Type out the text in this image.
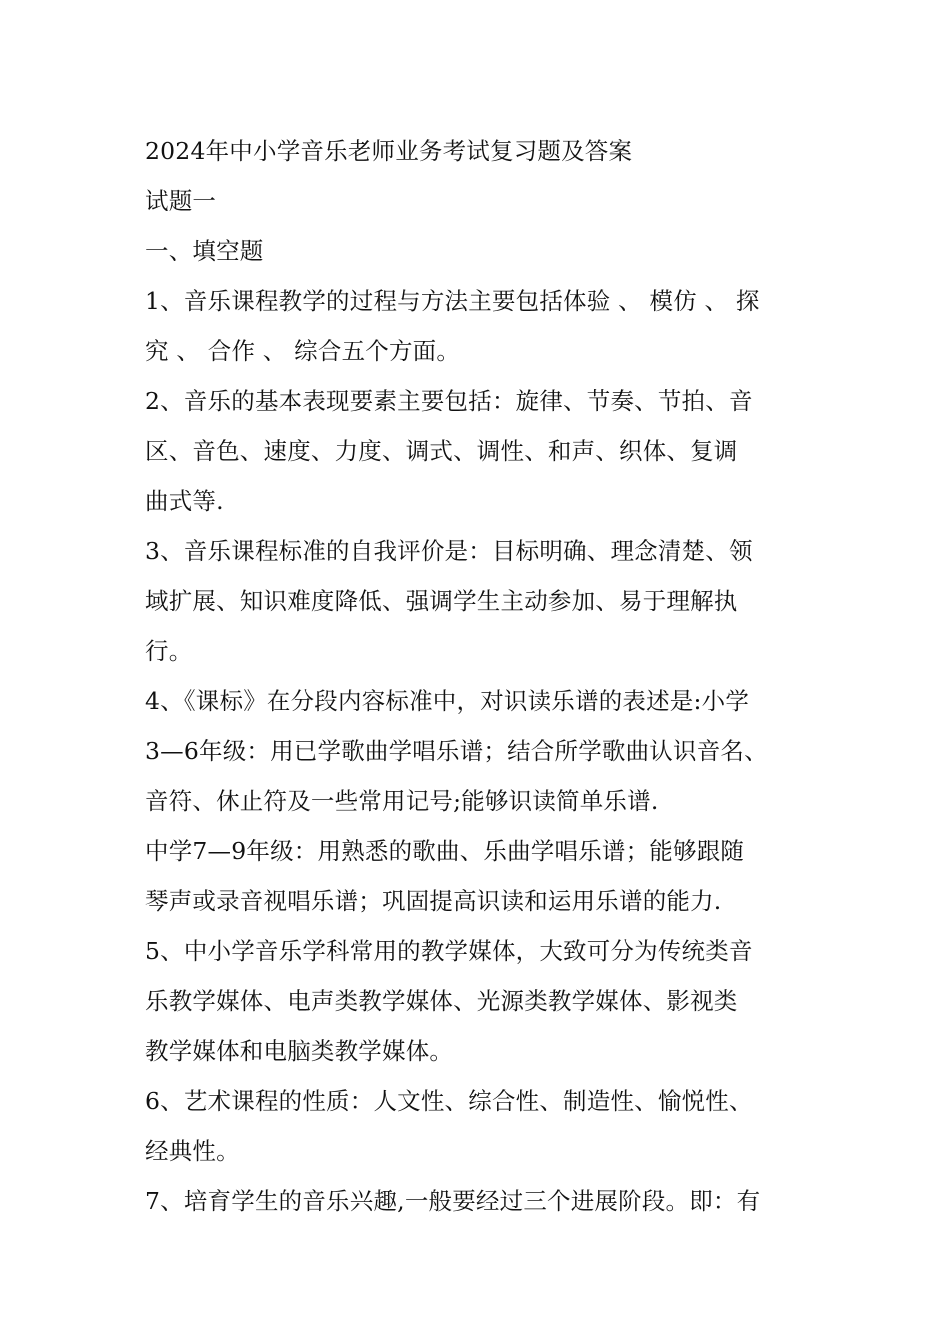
2024年中小学音乐老师业务考试复习题及答案
试题一
一、填空题
1、音乐课程教学的过程与方法主要包括体验 、 模仿 、 探
究 、 合作 、 综合五个方面。
2、音乐的基本表现要素主要包括：旋律、节奏、节拍、音
区、音色、速度、力度、调式、调性、和声、织体、复调
曲式等.
3、音乐课程标准的自我评价是：目标明确、理念清楚、领
域扩展、知识难度降低、强调学生主动参加、易于理解执
行。
4、《课标》在分段内容标准中，对识读乐谱的表述是:小学
3—6年级：用已学歌曲学唱乐谱；结合所学歌曲认识音名、
音符、休止符及一些常用记号;能够识读简单乐谱.
中学7—9年级：用熟悉的歌曲、乐曲学唱乐谱；能够跟随
琴声或录音视唱乐谱；巩固提高识读和运用乐谱的能力.
5、中小学音乐学科常用的教学媒体，大致可分为传统类音
乐教学媒体、电声类教学媒体、光源类教学媒体、影视类
教学媒体和电脑类教学媒体。
6、艺术课程的性质：人文性、综合性、制造性、愉悦性、
经典性。
7、培育学生的音乐兴趣,一般要经过三个进展阶段。即：有
